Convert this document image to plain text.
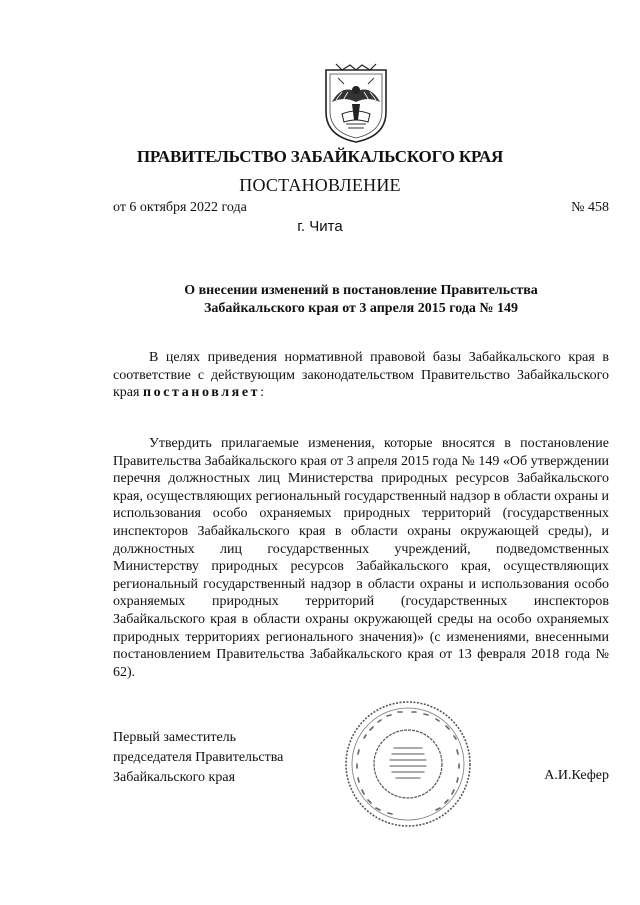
ПРАВИТЕЛЬСТВО ЗАБАЙКАЛЬСКОГО КРАЯ
ПОСТАНОВЛЕНИЕ
от 6 октября 2022 года	№ 458
г. Чита
О внесении изменений в постановление Правительства
Забайкальского края от 3 апреля 2015 года № 149

В целях приведения нормативной правовой базы Забайкальского края в соответствие с действующим законодательством Правительство Забайкальского края постановляет:

Утвердить прилагаемые изменения, которые вносятся в постановление Правительства Забайкальского края от 3 апреля 2015 года № 149 «Об утверждении перечня должностных лиц Министерства природных ресурсов Забайкальского края, осуществляющих региональный государственный надзор в области охраны и использования особо охраняемых природных территорий (государственных инспекторов Забайкальского края в области охраны окружающей среды), и должностных лиц государственных учреждений, подведомственных Министерству природных ресурсов Забайкальского края, осуществляющих региональный государственный надзор в области охраны и использования особо охраняемых природных территорий (государственных инспекторов Забайкальского края в области охраны окружающей среды на особо охраняемых природных территориях регионального значения)» (с изменениями, внесенными постановлением Правительства Забайкальского края от 13 февраля 2018 года № 62).

Первый заместитель
председателя Правительства
Забайкальского края	А.И.Кефер
